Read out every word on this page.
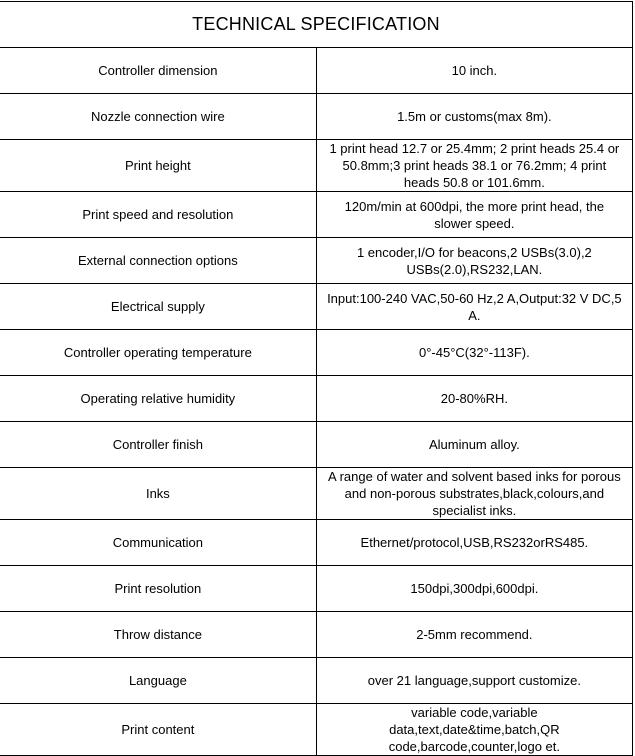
TECHNICAL SPECIFICATION	
Controller dimension	10 inch.
Nozzle connection wire	1.5m or customs(max 8m).
Print height	1 print head 12.7 or 25.4mm; 2 print heads 25.4 or 50.8mm;3 print heads 38.1 or 76.2mm; 4 print heads 50.8 or 101.6mm.
Print speed and resolution	120m/min at 600dpi, the more print head, the slower speed.
External connection options	1 encoder,I/O for beacons,2 USBs(3.0),2 USBs(2.0),RS232,LAN.
Electrical supply	Input:100-240 VAC,50-60 Hz,2 A,Output:32 V DC,5 A.
Controller operating temperature	0°-45°C(32°-113F).
Operating relative humidity	20-80%RH.
Controller finish	Aluminum alloy.
Inks	A range of water and solvent based inks for porous and non-porous substrates,black,colours,and specialist inks.
Communication	Ethernet/protocol,USB,RS232orRS485.
Print resolution	150dpi,300dpi,600dpi.
Throw distance	2-5mm recommend.
Language	over 21 language,support customize.
Print content	variable code,variable data,text,date&time,batch,QR code,barcode,counter,logo et.
